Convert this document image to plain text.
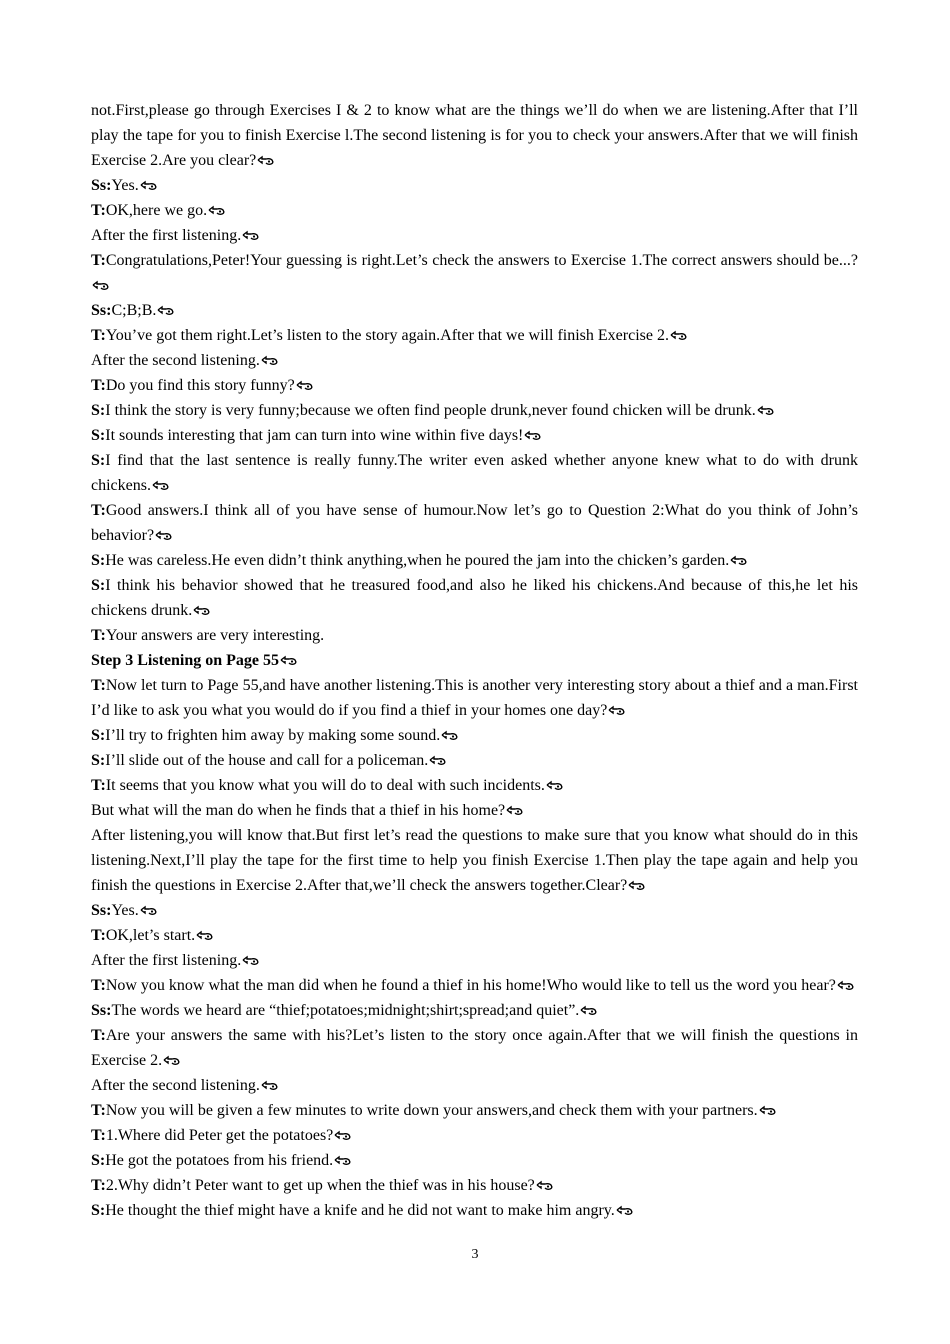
not.First,please go through Exercises I & 2 to know what are the things we’ll do when we are listening.After that I’ll play the tape for you to finish Exercise l.The second listening is for you to check your answers.After that we will finish Exercise 2.Are you clear?
Ss:Yes.
T:OK,here we go.
After the first listening.
T:Congratulations,Peter!Your guessing is right.Let’s check the answers to Exercise 1.The correct answers should be...?
Ss:C;B;B.
T:You’ve got them right.Let’s listen to the story again.After that we will finish Exercise 2.
After the second listening.
T:Do you find this story funny?
S:I think the story is very funny;because we often find people drunk,never found chicken will be drunk.
S:It sounds interesting that jam can turn into wine within five days!
S:I find that the last sentence is really funny.The writer even asked whether anyone knew what to do with drunk chickens.
T:Good answers.I think all of you have sense of humour.Now let’s go to Question 2:What do you think of John’s behavior?
S:He was careless.He even didn’t think anything,when he poured the jam into the chicken’s garden.
S:I think his behavior showed that he treasured food,and also he liked his chickens.And because of this,he let his chickens drunk.
T:Your answers are very interesting.
Step 3 Listening on Page 55
T:Now let turn to Page 55,and have another listening.This is another very interesting story about a thief and a man.First I’d like to ask you what you would do if you find a thief in your homes one day?
S:I’ll try to frighten him away by making some sound.
S:I’ll slide out of the house and call for a policeman.
T:It seems that you know what you will do to deal with such incidents.
But what will the man do when he finds that a thief in his home?
After listening,you will know that.But first let’s read the questions to make sure that you know what should do in this listening.Next,I’ll play the tape for the first time to help you finish Exercise 1.Then play the tape again and help you finish the questions in Exercise 2.After that,we’ll check the answers together.Clear?
Ss:Yes.
T:OK,let’s start.
After the first listening.
T:Now you know what the man did when he found a thief in his home!Who would like to tell us the word you hear?
Ss:The words we heard are “thief;potatoes;midnight;shirt;spread;and quiet”.
T:Are your answers the same with his?Let’s listen to the story once again.After that we will finish the questions in Exercise 2.
After the second listening.
T:Now you will be given a few minutes to write down your answers,and check them with your partners.
T:1.Where did Peter get the potatoes?
S:He got the potatoes from his friend.
T:2.Why didn’t Peter want to get up when the thief was in his house?
S:He thought the thief might have a knife and he did not want to make him angry.
3
